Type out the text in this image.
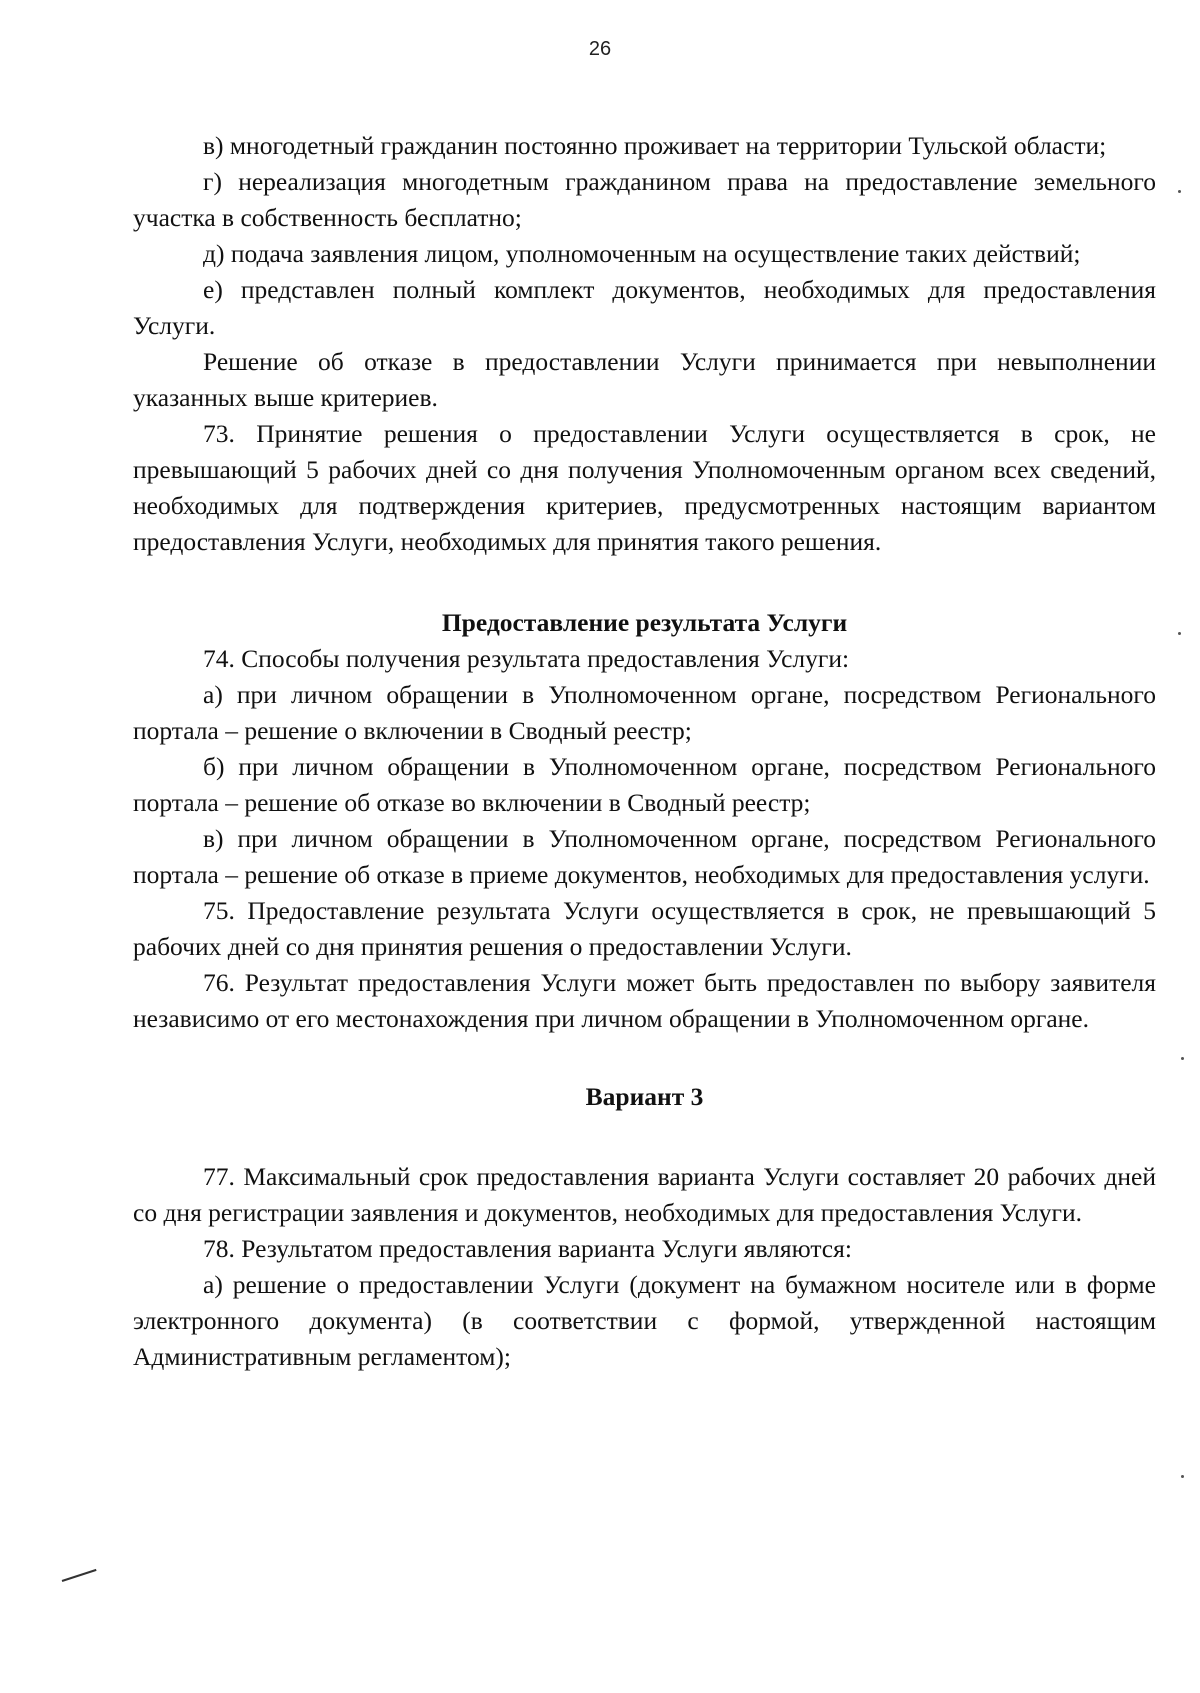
26

в) многодетный гражданин постоянно проживает на территории Тульской области;

г) нереализация многодетным гражданином права на предоставление земельного участка в собственность бесплатно;

д) подача заявления лицом, уполномоченным на осуществление таких действий;

е) представлен полный комплект документов, необходимых для предоставления Услуги.

Решение об отказе в предоставлении Услуги принимается при невыполнении указанных выше критериев.

73. Принятие решения о предоставлении Услуги осуществляется в срок, не превышающий 5 рабочих дней со дня получения Уполномоченным органом всех сведений, необходимых для подтверждения критериев, предусмотренных настоящим вариантом предоставления Услуги, необходимых для принятия такого решения.

Предоставление результата Услуги

74. Способы получения результата предоставления Услуги:

а) при личном обращении в Уполномоченном органе, посредством Регионального портала – решение о включении в Сводный реестр;

б) при личном обращении в Уполномоченном органе, посредством Регионального портала – решение об отказе во включении в Сводный реестр;

в) при личном обращении в Уполномоченном органе, посредством Регионального портала – решение об отказе в приеме документов, необходимых для предоставления услуги.

75. Предоставление результата Услуги осуществляется в срок, не превышающий 5 рабочих дней со дня принятия решения о предоставлении Услуги.

76. Результат предоставления Услуги может быть предоставлен по выбору заявителя независимо от его местонахождения при личном обращении в Уполномоченном органе.

Вариант 3

77. Максимальный срок предоставления варианта Услуги составляет 20 рабочих дней со дня регистрации заявления и документов, необходимых для предоставления Услуги.

78. Результатом предоставления варианта Услуги являются:

а) решение о предоставлении Услуги (документ на бумажном носителе или в форме электронного документа) (в соответствии с формой, утвержденной настоящим Административным регламентом);
